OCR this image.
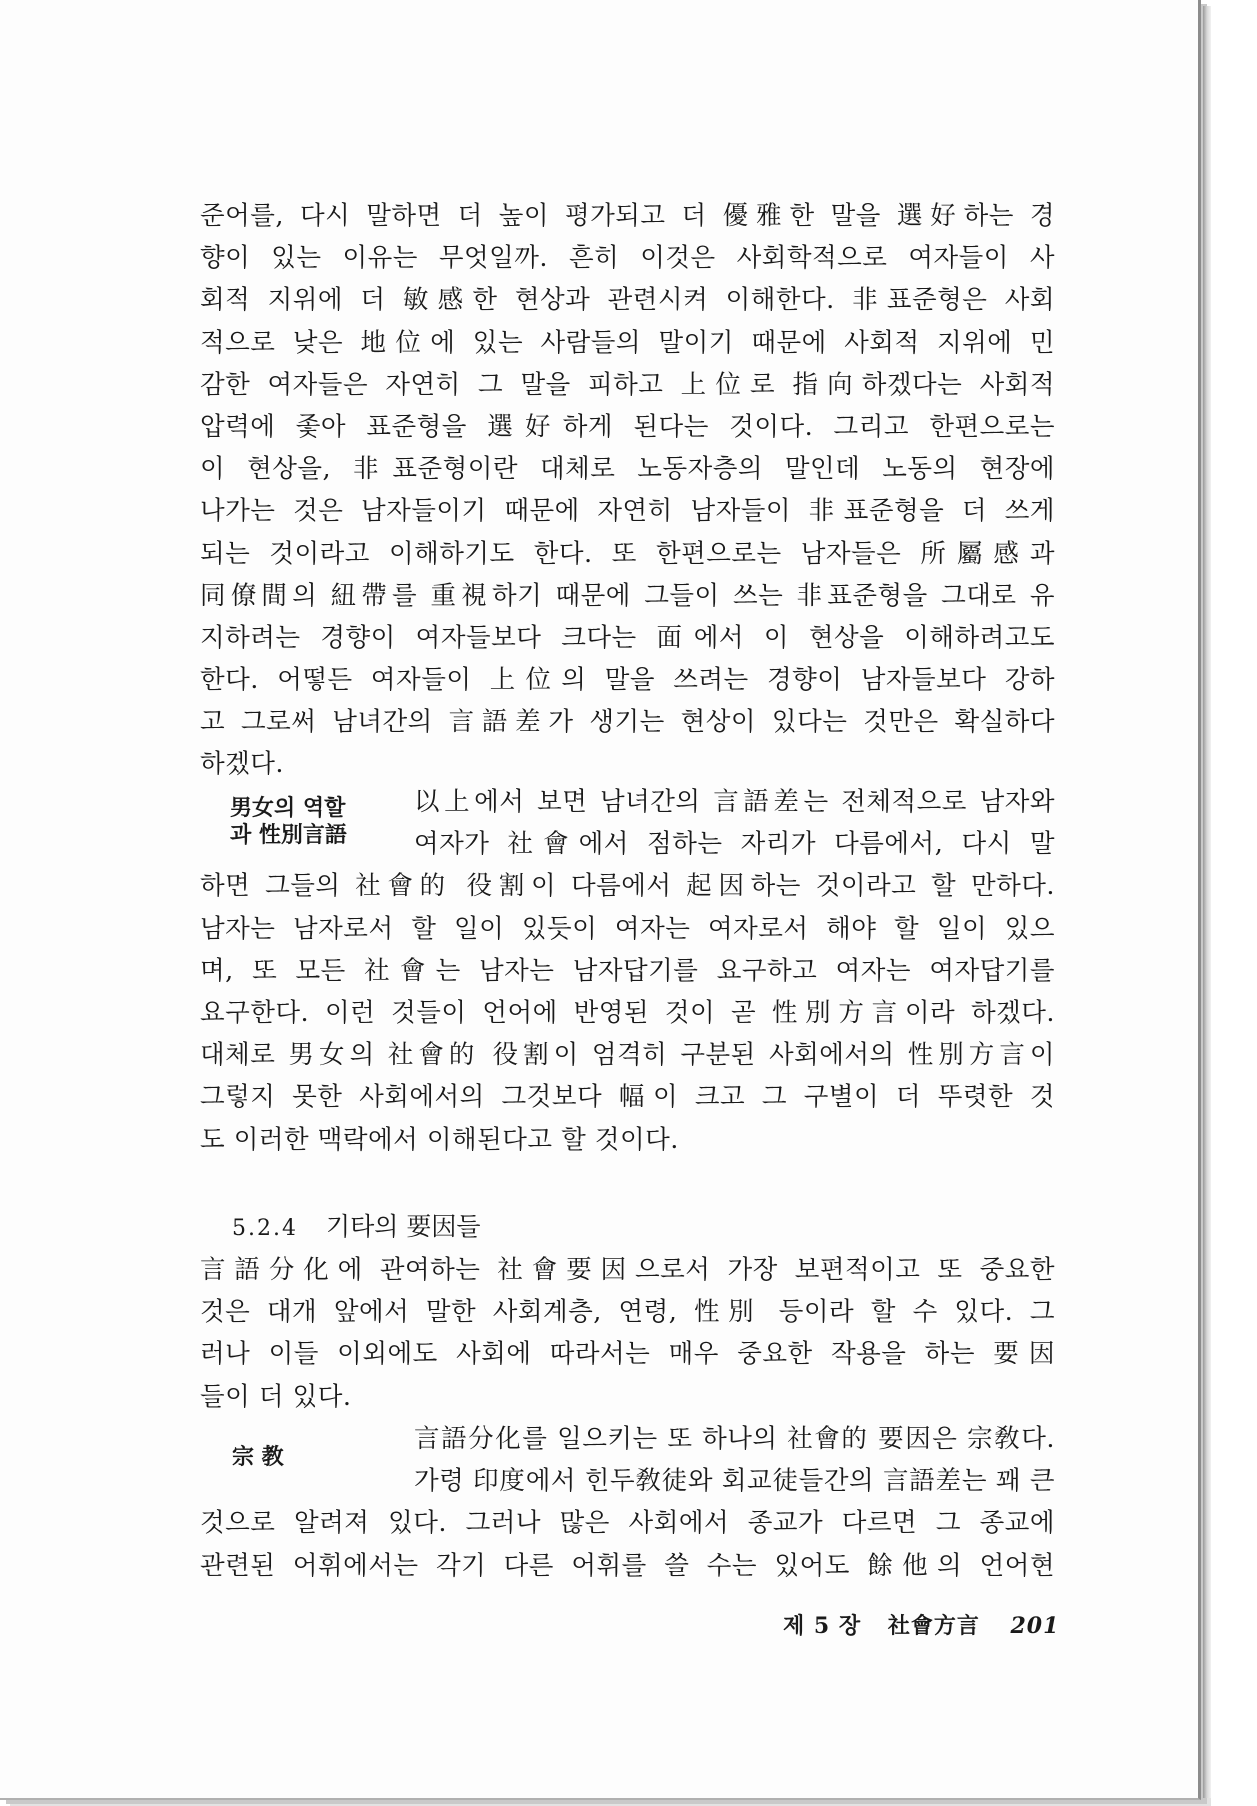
준어를, 다시 말하면 더 높이 평가되고 더 優雅한 말을 選好하는 경
향이 있는 이유는 무엇일까. 흔히 이것은 사회학적으로 여자들이 사
회적 지위에 더 敏感한 현상과 관련시켜 이해한다. 非표준형은 사회
적으로 낮은 地位에 있는 사람들의 말이기 때문에 사회적 지위에 민
감한 여자들은 자연히 그 말을 피하고 上位로 指向하겠다는 사회적
압력에 좇아 표준형을 選好하게 된다는 것이다. 그리고 한편으로는
이 현상을, 非표준형이란 대체로 노동자층의 말인데 노동의 현장에
나가는 것은 남자들이기 때문에 자연히 남자들이 非표준형을 더 쓰게
되는 것이라고 이해하기도 한다. 또 한편으로는 남자들은 所屬感과
同僚間의 紐帶를 重視하기 때문에 그들이 쓰는 非표준형을 그대로 유
지하려는 경향이 여자들보다 크다는 面에서 이 현상을 이해하려고도
한다. 어떻든 여자들이 上位의 말을 쓰려는 경향이 남자들보다 강하
고 그로써 남녀간의 言語差가 생기는 현상이 있다는 것만은 확실하다
하겠다.
男女의 역할
과 性別言語
以上에서 보면 남녀간의 言語差는 전체적으로 남자와
여자가 社會에서 점하는 자리가 다름에서, 다시 말
하면 그들의 社會的 役割이 다름에서 起因하는 것이라고 할 만하다.
남자는 남자로서 할 일이 있듯이 여자는 여자로서 해야 할 일이 있으
며, 또 모든 社會는 남자는 남자답기를 요구하고 여자는 여자답기를
요구한다. 이런 것들이 언어에 반영된 것이 곧 性別方言이라 하겠다.
대체로 男女의 社會的 役割이 엄격히 구분된 사회에서의 性別方言이
그렇지 못한 사회에서의 그것보다 幅이 크고 그 구별이 더 뚜렷한 것
도 이러한 맥락에서 이해된다고 할 것이다.
5.2.4 기타의 要因들
言語分化에 관여하는 社會要因으로서 가장 보편적이고 또 중요한
것은 대개 앞에서 말한 사회계층, 연령, 性別 등이라 할 수 있다. 그
러나 이들 이외에도 사회에 따라서는 매우 중요한 작용을 하는 要因
들이 더 있다.
宗 教
言語分化를 일으키는 또 하나의 社會的 要因은 宗敎다.
가령 印度에서 힌두敎徒와 회교徒들간의 言語差는 꽤 큰
것으로 알려져 있다. 그러나 많은 사회에서 종교가 다르면 그 종교에
관련된 어휘에서는 각기 다른 어휘를 쓸 수는 있어도 餘他의 언어현
제 5 장 社會方言 201
